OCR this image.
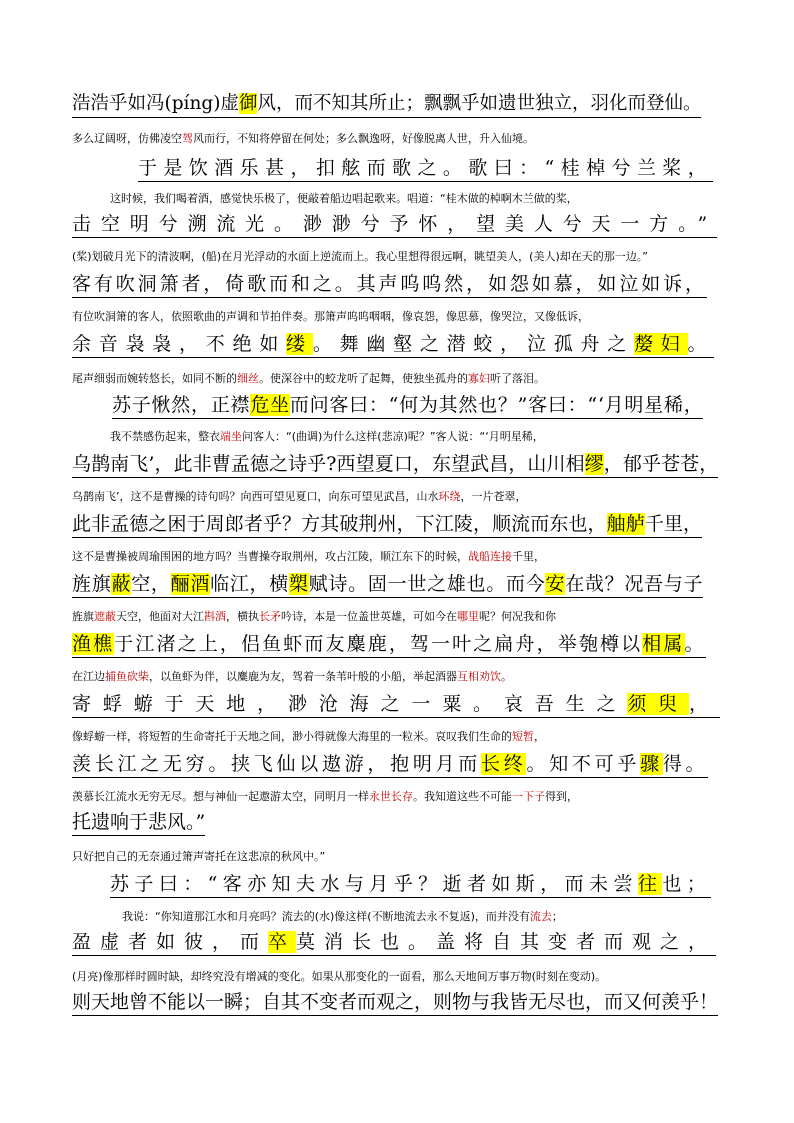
浩浩乎如冯(píng)虚御风，而不知其所止；飘飘乎如遗世独立，羽化而登仙。
多么辽阔呀，仿佛凌空驾风而行，不知将停留在何处；多么飘逸呀，好像脱离人世，升入仙境。
于是饮酒乐甚，扣舷而歌之。歌曰：“桂棹兮兰桨，
这时候，我们喝着酒，感觉快乐极了，便敲着船边唱起歌来。唱道：“桂木做的棹啊木兰做的桨，
击空明兮溯流光。渺渺兮予怀，望美人兮天一方。”
(桨)划破月光下的清波啊，(船)在月光浮动的水面上逆流而上。我心里想得很远啊，眺望美人，(美人)却在天的那一边。”
客有吹洞箫者，倚歌而和之。其声呜呜然，如怨如慕，如泣如诉，
有位吹洞箫的客人，依照歌曲的声调和节拍伴奏。那箫声呜呜咽咽，像哀怨，像思慕，像哭泣，又像低诉，
余音袅袅，不绝如缕。舞幽壑之潜蛟，泣孤舟之嫠妇。
尾声细弱而婉转悠长，如同不断的细丝。使深谷中的蛟龙听了起舞，使独坐孤舟的寡妇听了落泪。
苏子愀然，正襟危坐而问客曰：“何为其然也？”客曰：“‘月明星稀，
我不禁感伤起来，整衣端坐问客人：“(曲调)为什么这样(悲凉)呢？”客人说：“‘月明星稀，
乌鹊南飞’，此非曹孟德之诗乎?西望夏口，东望武昌，山川相缪，郁乎苍苍，
乌鹊南飞’，这不是曹操的诗句吗？向西可望见夏口，向东可望见武昌，山水环绕，一片苍翠，
此非孟德之困于周郎者乎？方其破荆州，下江陵，顺流而东也，舳舻千里，
这不是曹操被周瑜围困的地方吗？当曹操夺取荆州，攻占江陵，顺江东下的时候，战船连接千里，
旌旗蔽空，酾酒临江，横槊赋诗。固一世之雄也。而今安在哉？况吾与子
旌旗遮蔽天空，他面对大江斟酒，横执长矛吟诗，本是一位盖世英雄，可如今在哪里呢？何况我和你
渔樵于江渚之上，侣鱼虾而友麋鹿，驾一叶之扁舟，举匏樽以相属。
在江边捕鱼砍柴，以鱼虾为伴，以麋鹿为友，驾着一条苇叶般的小船，举起酒器互相劝饮。
寄蜉蝣于天地，渺沧海之一粟。哀吾生之须臾，
像蜉蝣一样，将短暂的生命寄托于天地之间，渺小得就像大海里的一粒米。哀叹我们生命的短暂，
羡长江之无穷。挟飞仙以遨游，抱明月而长终。知不可乎骤得。
羡慕长江流水无穷无尽。想与神仙一起遨游太空，同明月一样永世长存。我知道这些不可能一下子得到，
托遗响于悲风。”
只好把自己的无奈通过箫声寄托在这悲凉的秋风中。”
苏子曰：“客亦知夫水与月乎？逝者如斯，而未尝往也；
我说：“你知道那江水和月亮吗？流去的(水)像这样(不断地流去永不复返)，而并没有流去；
盈虚者如彼，而卒莫消长也。盖将自其变者而观之，
(月亮)像那样时圆时缺，却终究没有增减的变化。如果从那变化的一面看，那么天地间万事万物(时刻在变动)。
则天地曾不能以一瞬；自其不变者而观之，则物与我皆无尽也，而又何羡乎！
